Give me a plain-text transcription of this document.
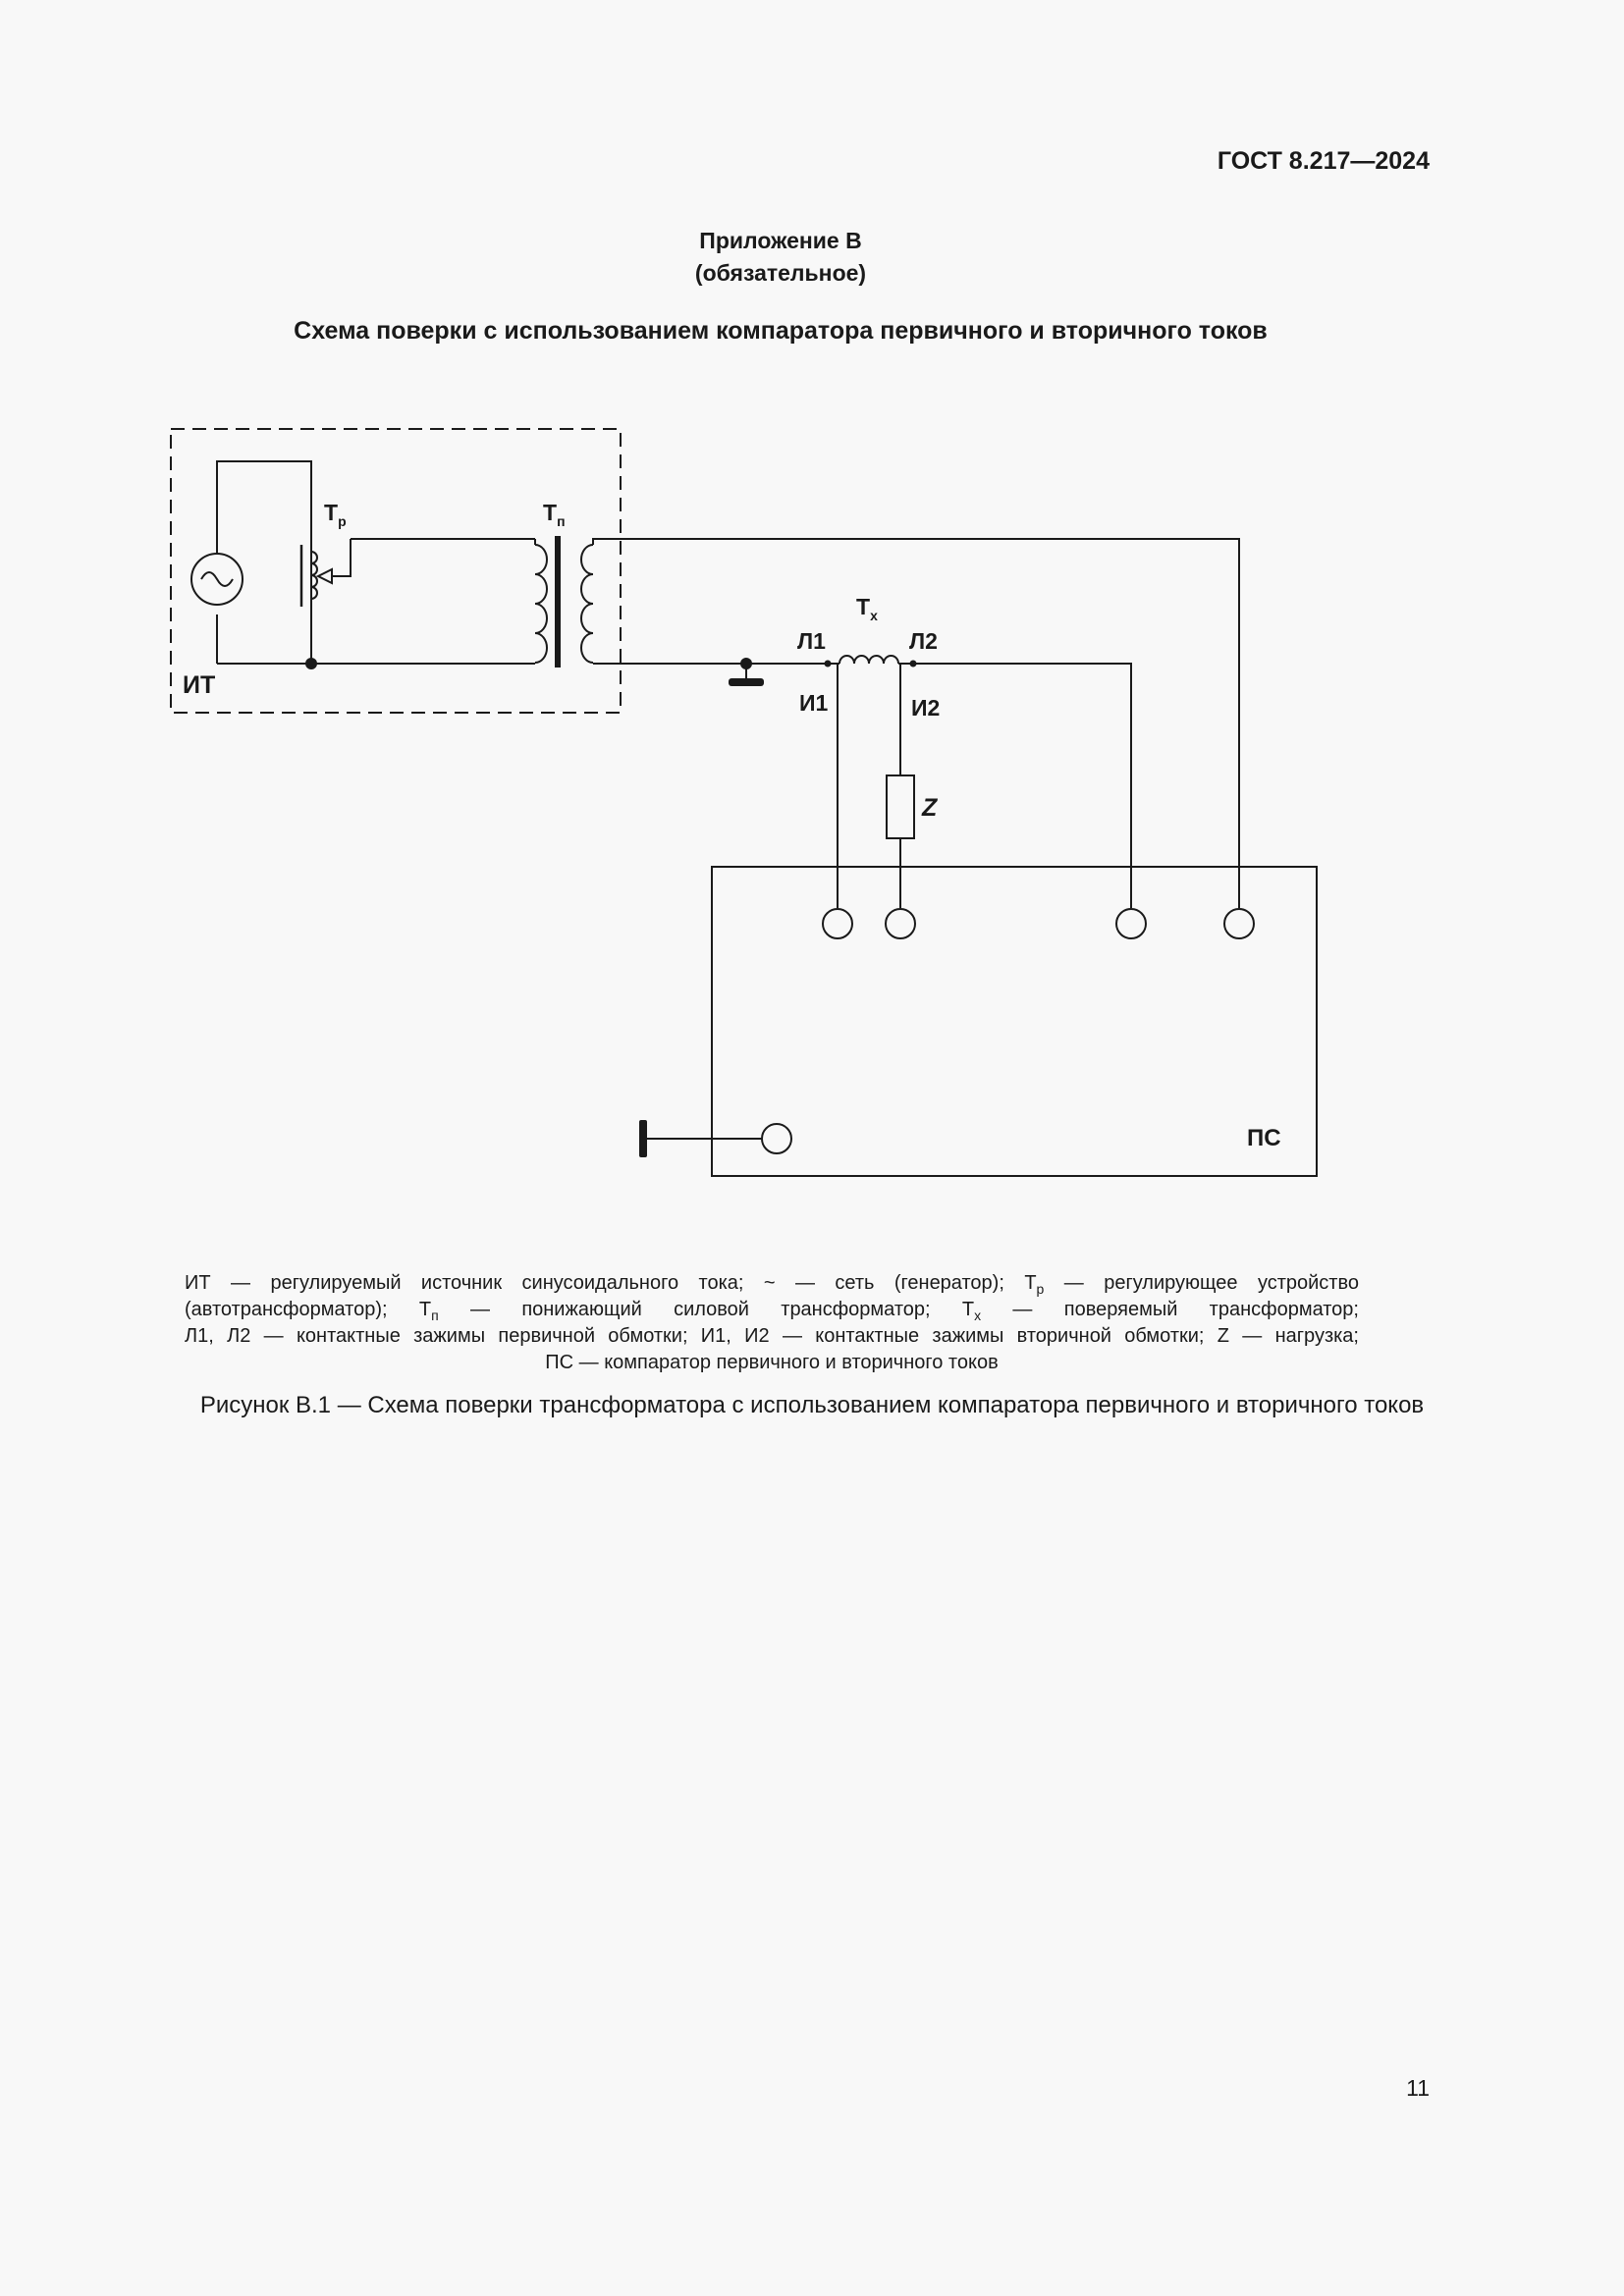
ГОСТ 8.217—2024
Приложение В
(обязательное)
Схема поверки с использованием компаратора первичного и вторичного токов
ИТ
$Т_р$	$Т_п$
$Т_х$
Л1	Л2
И1	И2
Z
ПС
ИТ — регулируемый источник синусоидального тока; ~ — сеть (генератор); $Т_р$ — регулирующее устройство
(автотрансформатор); $Т_п$ — понижающий силовой трансформатор; $Т_х$ — поверяемый трансформатор;
Л1, Л2 — контактные зажимы первичной обмотки; И1, И2 — контактные зажимы вторичной обмотки; Z — нагрузка;
ПС — компаратор первичного и вторичного токов
Рисунок В.1 — Схема поверки трансформатора с использованием компаратора первичного и вторичного токов
11
